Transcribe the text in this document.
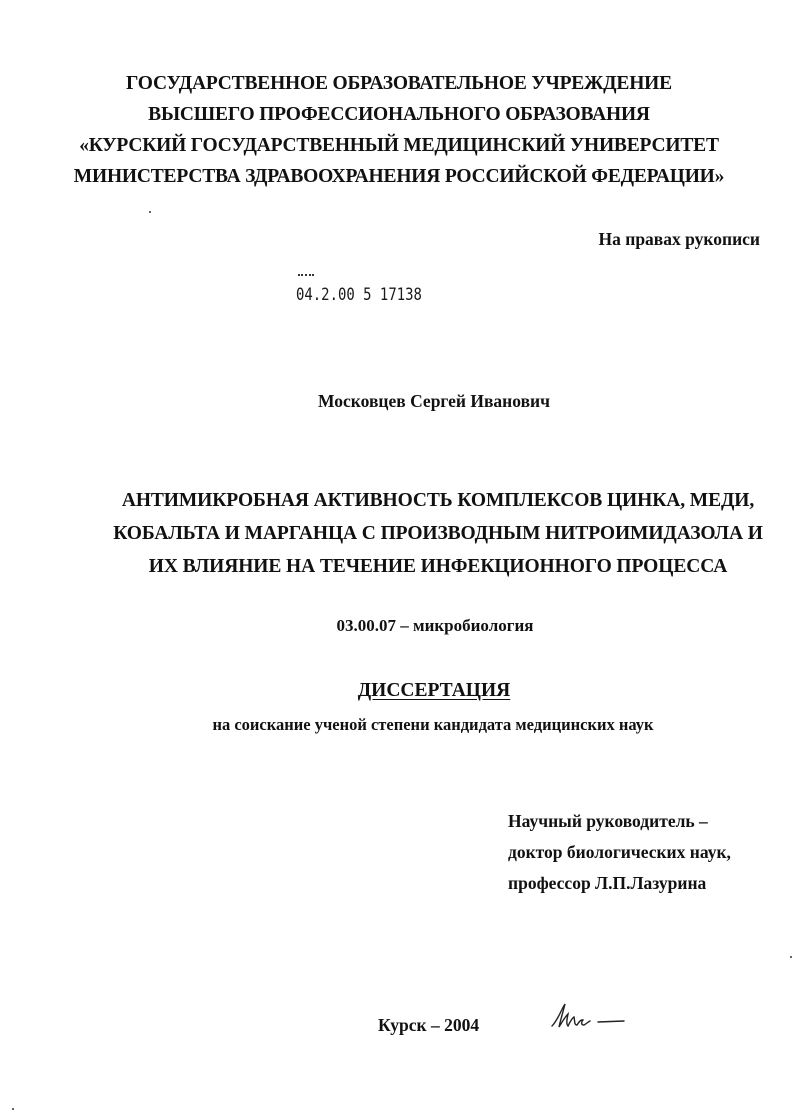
ГОСУДАРСТВЕННОЕ ОБРАЗОВАТЕЛЬНОЕ УЧРЕЖДЕНИЕ
ВЫСШЕГО ПРОФЕССИОНАЛЬНОГО ОБРАЗОВАНИЯ
«КУРСКИЙ ГОСУДАРСТВЕННЫЙ МЕДИЦИНСКИЙ УНИВЕРСИТЕТ
МИНИСТЕРСТВА ЗДРАВООХРАНЕНИЯ РОССИЙСКОЙ ФЕДЕРАЦИИ»
На правах рукописи
04.2.00 5 17138
Московцев Сергей Иванович
АНТИМИКРОБНАЯ АКТИВНОСТЬ КОМПЛЕКСОВ ЦИНКА, МЕДИ,
КОБАЛЬТА И МАРГАНЦА С ПРОИЗВОДНЫМ НИТРОИМИДАЗОЛА И
ИХ ВЛИЯНИЕ НА ТЕЧЕНИЕ ИНФЕКЦИОННОГО ПРОЦЕССА
03.00.07 – микробиология
ДИССЕРТАЦИЯ
на соискание ученой степени кандидата медицинских наук
Научный руководитель –
доктор биологических наук,
профессор Л.П.Лазурина
Курск – 2004
